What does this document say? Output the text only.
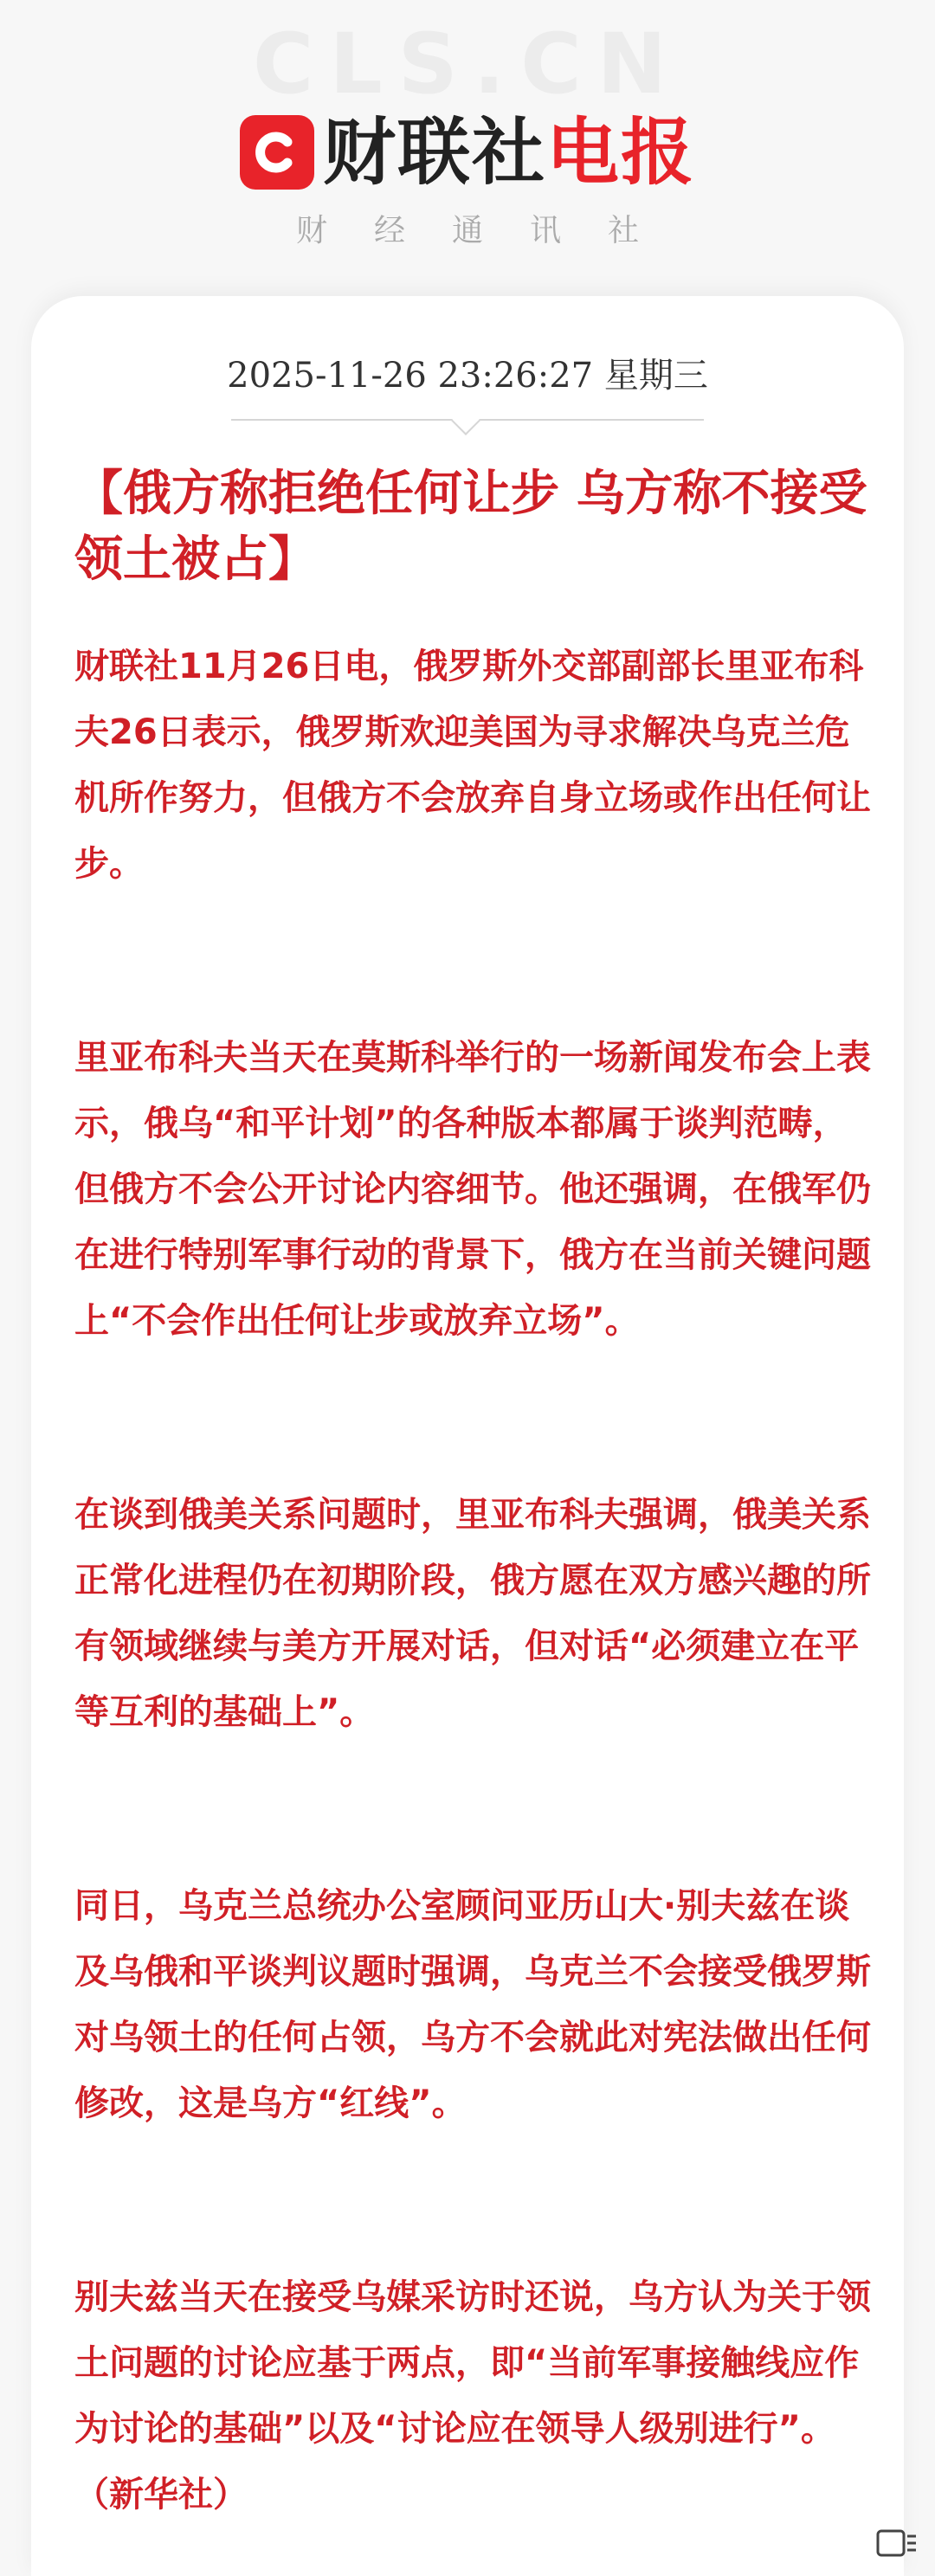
CLS.CN
财联社电报
财经通讯社
2025-11-26 23:26:27 星期三
【俄方称拒绝任何让步 乌方称不接受领土被占】

财联社11月26日电，俄罗斯外交部副部长里亚布科夫26日表示，俄罗斯欢迎美国为寻求解决乌克兰危机所作努力，但俄方不会放弃自身立场或作出任何让步。

里亚布科夫当天在莫斯科举行的一场新闻发布会上表示，俄乌“和平计划”的各种版本都属于谈判范畴，但俄方不会公开讨论内容细节。他还强调，在俄军仍在进行特别军事行动的背景下，俄方在当前关键问题上“不会作出任何让步或放弃立场”。

在谈到俄美关系问题时，里亚布科夫强调，俄美关系正常化进程仍在初期阶段，俄方愿在双方感兴趣的所有领域继续与美方开展对话，但对话“必须建立在平等互利的基础上”。

同日，乌克兰总统办公室顾问亚历山大·别夫兹在谈及乌俄和平谈判议题时强调，乌克兰不会接受俄罗斯对乌领土的任何占领，乌方不会就此对宪法做出任何修改，这是乌方“红线”。

别夫兹当天在接受乌媒采访时还说，乌方认为关于领土问题的讨论应基于两点，即“当前军事接触线应作为讨论的基础”以及“讨论应在领导人级别进行”。（新华社）
